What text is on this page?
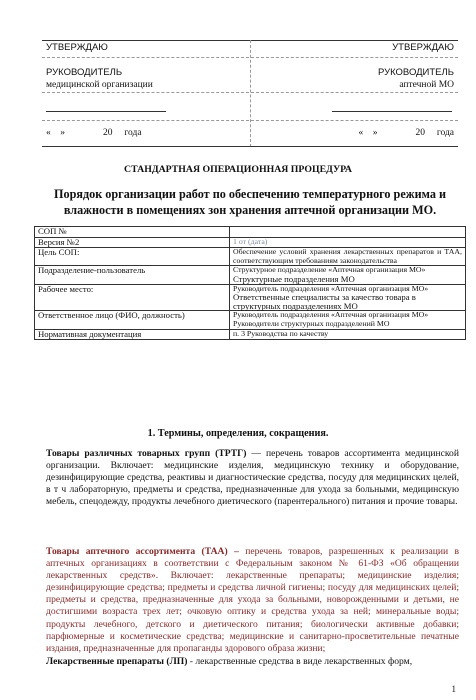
УТВЕРЖДАЮ	УТВЕРЖДАЮ
РУКОВОДИТЕЛЬ	РУКОВОДИТЕЛЬ
медицинской организации	аптечной МО
«    »                20     года	«    »                20     года
СТАНДАРТНАЯ ОПЕРАЦИОННАЯ ПРОЦЕДУРА
Порядок организации работ по обеспечению температурного режима и влажности в помещениях зон хранения аптечной организации МО.
СОП №	
Версия №2	1 от (дата)
Цель СОП:	Обеспечение условий хранения лекарственных препаратов и ТАА, соответствующим требованиям законодательства
Подразделение-пользователь	Структурное подразделение «Аптечная организация МО»
Структурные подразделения МО

Рабочее место:	Руководитель подразделения «Аптечная организация МО»
Ответственные специалисты за качество товара в структурных подразделениях МО

Ответственное лицо (ФИО, должность)	Руководитель подразделения «Аптечная организация МО»
Руководители структурных подразделений МО

Нормативная документация	п. 3 Руководства по качеству
1. Термины, определения, сокращения.
Товары различных товарных групп (ТРТГ) — перечень товаров ассортимента медицинской организации. Включает: медицинские изделия, медицинскую технику и оборудование, дезинфицирующие средства, реактивы и диагностические средства, посуду для медицинских целей, в т ч лабораторную, предметы и средства, предназначенные для ухода за больными, медицинскую мебель, спецодежду, продукты лечебного диетического (парентерального) питания и прочие товары.
Товары аптечного ассортимента (ТАА) – перечень товаров, разрешенных к реализации в аптечных организациях в соответствии с Федеральным законом № 61-ФЗ «Об обращении лекарственных средств». Включает: лекарственные препараты; медицинские изделия; дезинфицирующие средства; предметы и средства личной гигиены; посуду для медицинских целей; предметы и средства, предназначенные для ухода за больными, новорожденными и детьми, не достигшими возраста трех лет; очковую оптику и средства ухода за ней; минеральные воды; продукты лечебного, детского и диетического питания; биологически активные добавки; парфюмерные и косметические средства; медицинские и санитарно-просветительные печатные издания, предназначенные для пропаганды здорового образа жизни;
Лекарственные препараты (ЛП) - лекарственные средства в виде лекарственных форм,
1
